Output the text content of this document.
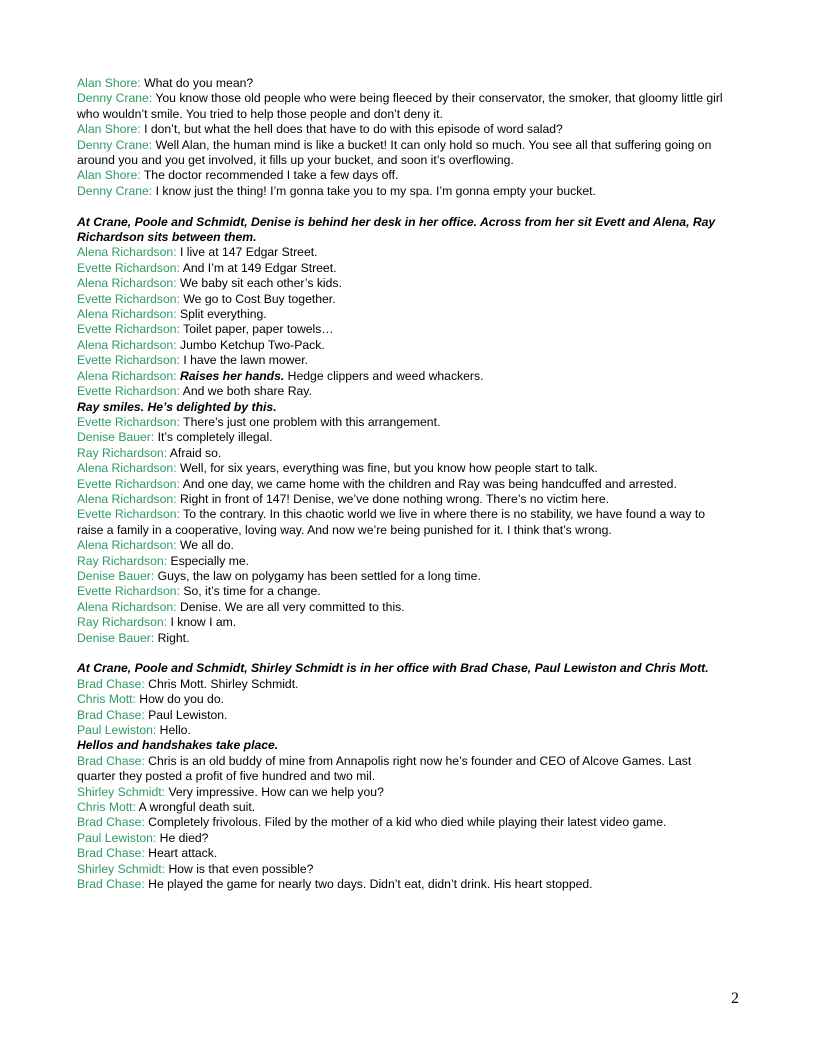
Alan Shore: What do you mean?

Denny Crane: You know those old people who were being fleeced by their conservator, the smoker, that gloomy little girl who wouldn’t smile. You tried to help those people and don’t deny it.

Alan Shore: I don’t, but what the hell does that have to do with this episode of word salad?

Denny Crane: Well Alan, the human mind is like a bucket! It can only hold so much. You see all that suffering going on around you and you get involved, it fills up your bucket, and soon it’s overflowing.

Alan Shore: The doctor recommended I take a few days off.

Denny Crane: I know just the thing! I’m gonna take you to my spa. I’m gonna empty your bucket.

At Crane, Poole and Schmidt, Denise is behind her desk in her office. Across from her sit Evett and Alena, Ray Richardson sits between them.

Alena Richardson: I live at 147 Edgar Street.

Evette Richardson: And I’m at 149 Edgar Street.

Alena Richardson: We baby sit each other’s kids.

Evette Richardson: We go to Cost Buy together.

Alena Richardson: Split everything.

Evette Richardson: Toilet paper, paper towels…

Alena Richardson: Jumbo Ketchup Two-Pack.

Evette Richardson: I have the lawn mower.

Alena Richardson: Raises her hands. Hedge clippers and weed whackers.

Evette Richardson: And we both share Ray.

Ray smiles. He’s delighted by this.

Evette Richardson: There’s just one problem with this arrangement.

Denise Bauer: It’s completely illegal.

Ray Richardson: Afraid so.

Alena Richardson: Well, for six years, everything was fine, but you know how people start to talk.

Evette Richardson: And one day, we came home with the children and Ray was being handcuffed and arrested.

Alena Richardson: Right in front of 147! Denise, we’ve done nothing wrong. There’s no victim here.

Evette Richardson: To the contrary. In this chaotic world we live in where there is no stability, we have found a way to raise a family in a cooperative, loving way. And now we’re being punished for it. I think that’s wrong.

Alena Richardson: We all do.

Ray Richardson: Especially me.

Denise Bauer: Guys, the law on polygamy has been settled for a long time.

Evette Richardson: So, it’s time for a change.

Alena Richardson: Denise. We are all very committed to this.

Ray Richardson: I know I am.

Denise Bauer: Right.

At Crane, Poole and Schmidt, Shirley Schmidt is in her office with Brad Chase, Paul Lewiston and Chris Mott.

Brad Chase: Chris Mott. Shirley Schmidt.

Chris Mott: How do you do.

Brad Chase: Paul Lewiston.

Paul Lewiston: Hello.

Hellos and handshakes take place.

Brad Chase: Chris is an old buddy of mine from Annapolis right now he’s founder and CEO of Alcove Games. Last quarter they posted a profit of five hundred and two mil.

Shirley Schmidt: Very impressive. How can we help you?

Chris Mott: A wrongful death suit.

Brad Chase: Completely frivolous. Filed by the mother of a kid who died while playing their latest video game.

Paul Lewiston: He died?

Brad Chase: Heart attack.

Shirley Schmidt: How is that even possible?

Brad Chase: He played the game for nearly two days. Didn’t eat, didn’t drink. His heart stopped.

2
